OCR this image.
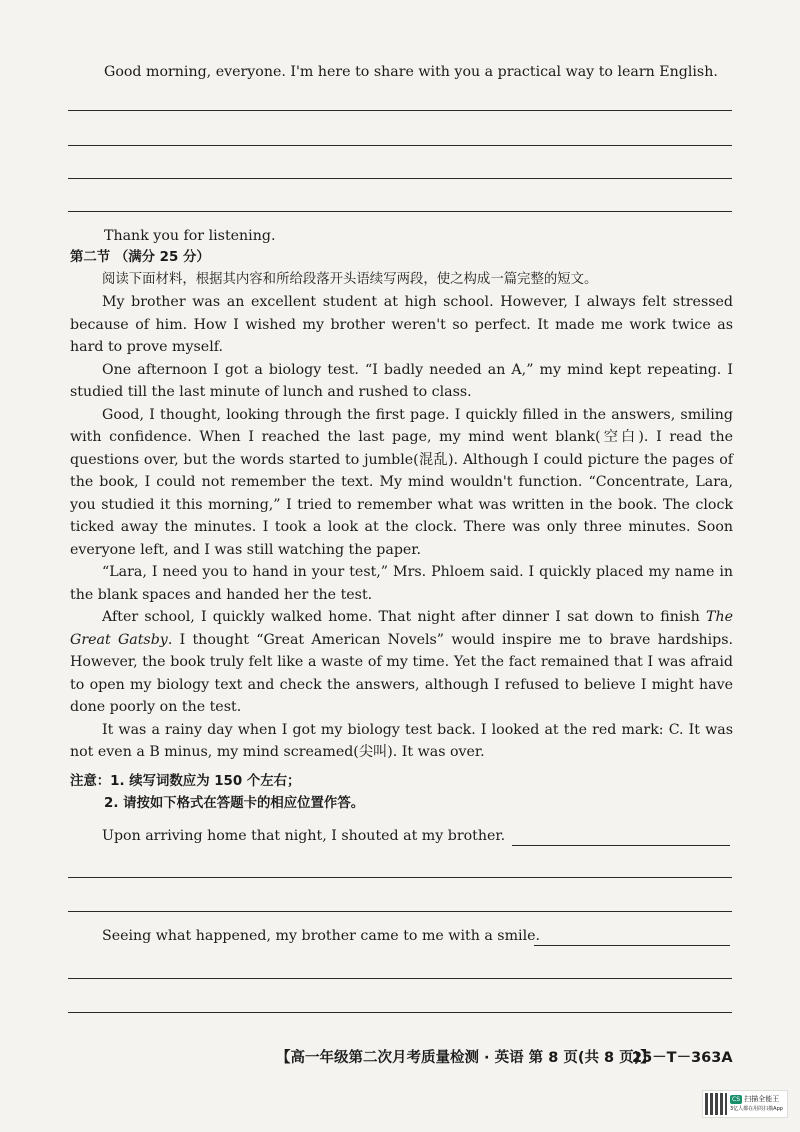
Good morning, everyone. I'm here to share with you a practical way to learn English.
Thank you for listening.
第二节 （满分 25 分）
阅读下面材料，根据其内容和所给段落开头语续写两段，使之构成一篇完整的短文。

My brother was an excellent student at high school. However, I always felt stressed because of him. How I wished my brother weren't so perfect. It made me work twice as hard to prove myself.

One afternoon I got a biology test. “I badly needed an A,” my mind kept repeating. I studied till the last minute of lunch and rushed to class.

Good, I thought, looking through the first page. I quickly filled in the answers, smiling with confidence. When I reached the last page, my mind went blank(空白). I read the questions over, but the words started to jumble(混乱). Although I could picture the pages of the book, I could not remember the text. My mind wouldn't function. “Concentrate, Lara, you studied it this morning,” I tried to remember what was written in the book. The clock ticked away the minutes. I took a look at the clock. There was only three minutes. Soon everyone left, and I was still watching the paper.

“Lara, I need you to hand in your test,” Mrs. Phloem said. I quickly placed my name in the blank spaces and handed her the test.

After school, I quickly walked home. That night after dinner I sat down to finish The Great Gatsby. I thought “Great American Novels” would inspire me to brave hardships. However, the book truly felt like a waste of my time. Yet the fact remained that I was afraid to open my biology text and check the answers, although I refused to believe I might have done poorly on the test.

It was a rainy day when I got my biology test back. I looked at the red mark: C. It was not even a B minus, my mind screamed(尖叫). It was over.

注意：1. 续写词数应为 150 个左右；
2. 请按如下格式在答题卡的相应位置作答。
Upon arriving home that night, I shouted at my brother.
Seeing what happened, my brother came to me with a smile.
【高一年级第二次月考质量检测 · 英语 第 8 页(共 8 页)】
25－T－363A
CS 扫描全能王
3亿人都在用的扫描App
